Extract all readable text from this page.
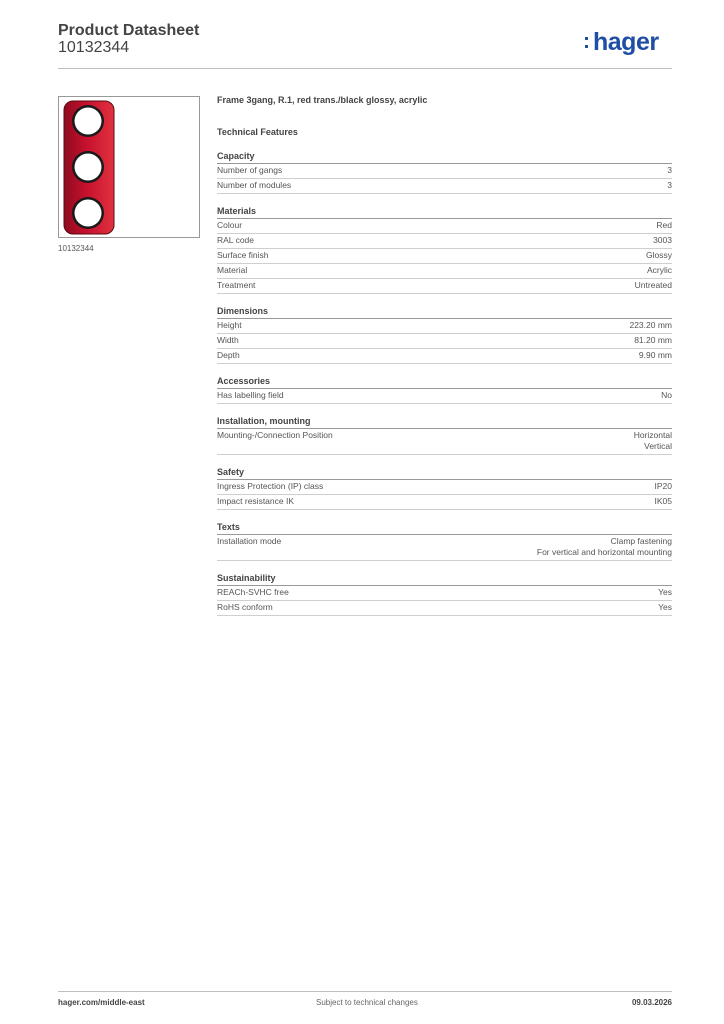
Product Datasheet
10132344	hager
10132344
Frame 3gang, R.1, red trans./black glossy, acrylic
Technical Features
Capacity
Number of gangs	3
Number of modules	3
Materials
Colour	Red
RAL code	3003
Surface finish	Glossy
Material	Acrylic
Treatment	Untreated
Dimensions
Height	223.20 mm
Width	81.20 mm
Depth	9.90 mm
Accessories
Has labelling field	No
Installation, mounting
Mounting-/Connection Position	Horizontal
Vertical
Safety
Ingress Protection (IP) class	IP20
Impact resistance IK	IK05
Texts
Installation mode	Clamp fastening
For vertical and horizontal mounting
Sustainability
REACh-SVHC free	Yes
RoHS conform	Yes
hager.com/middle-east	Subject to technical changes	09.03.2026
